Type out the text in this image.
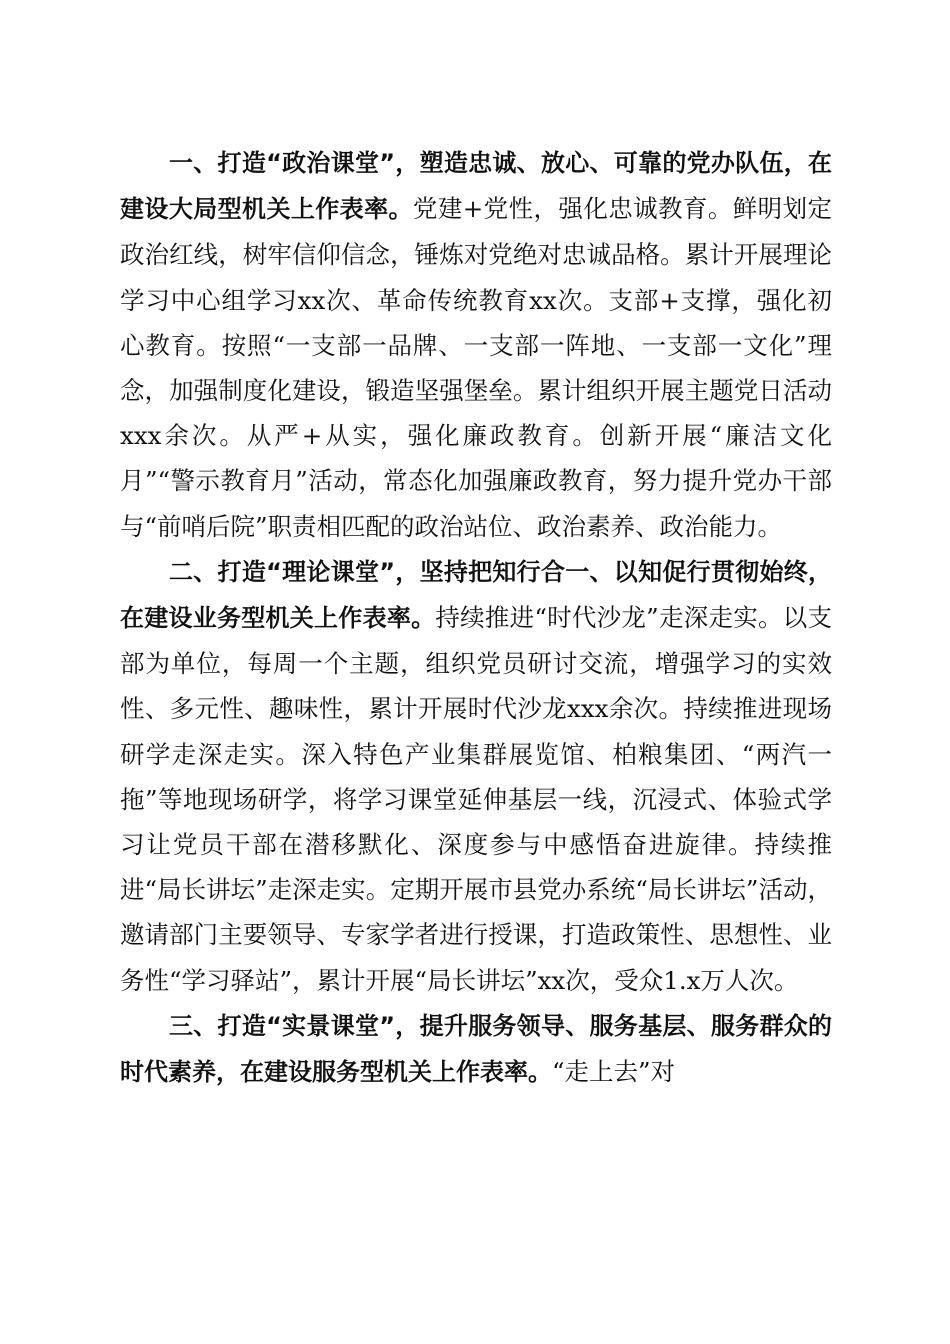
一、打造“政治课堂”，塑造忠诚、放心、可靠的党办队伍，在建设大局型机关上作表率。党建+党性，强化忠诚教育。鲜明划定政治红线，树牢信仰信念，锤炼对党绝对忠诚品格。累计开展理论学习中心组学习xx次、革命传统教育xx次。支部+支撑，强化初心教育。按照“一支部一品牌、一支部一阵地、一支部一文化”理念，加强制度化建设，锻造坚强堡垒。累计组织开展主题党日活动xxx余次。从严+从实，强化廉政教育。创新开展“廉洁文化月”“警示教育月”活动，常态化加强廉政教育，努力提升党办干部与“前哨后院”职责相匹配的政治站位、政治素养、政治能力。

二、打造“理论课堂”，坚持把知行合一、以知促行贯彻始终，在建设业务型机关上作表率。持续推进“时代沙龙”走深走实。以支部为单位，每周一个主题，组织党员研讨交流，增强学习的实效性、多元性、趣味性，累计开展时代沙龙xxx余次。持续推进现场研学走深走实。深入特色产业集群展览馆、柏粮集团、“两汽一拖”等地现场研学，将学习课堂延伸基层一线，沉浸式、体验式学习让党员干部在潜移默化、深度参与中感悟奋进旋律。持续推进“局长讲坛”走深走实。定期开展市县党办系统“局长讲坛”活动，邀请部门主要领导、专家学者进行授课，打造政策性、思想性、业务性“学习驿站”，累计开展“局长讲坛”xx次，受众1.x万人次。

三、打造“实景课堂”，提升服务领导、服务基层、服务群众的时代素养，在建设服务型机关上作表率。“走上去”对
